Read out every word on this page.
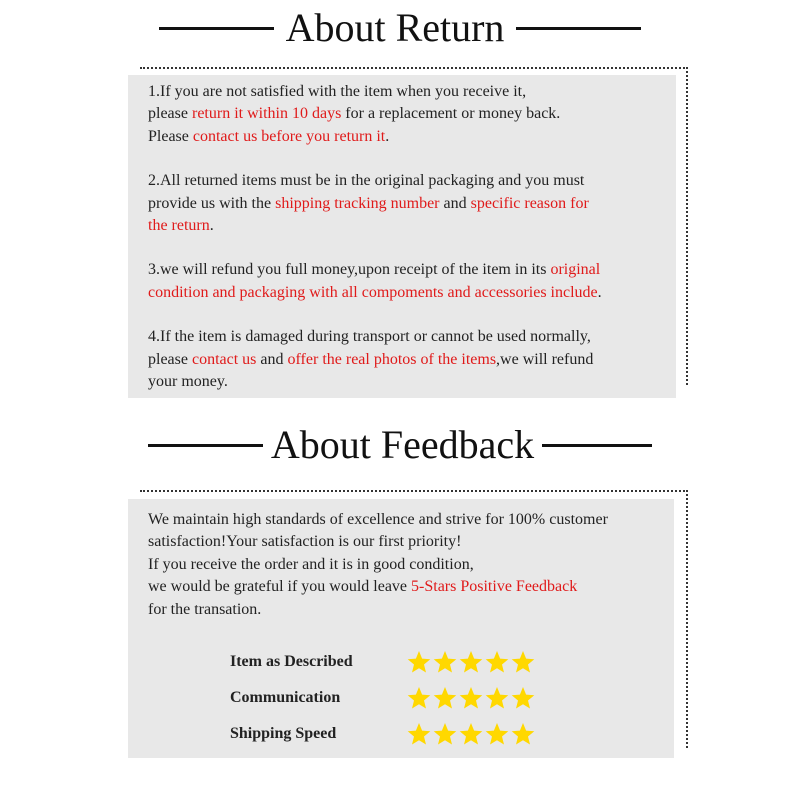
About Return
1.If you are not satisfied with the item when you receive it,
please return it within 10 days for a replacement or money back.
Please contact us before you return it.
2.All returned items must be in the original packaging and you must
provide us with the shipping tracking number and specific reason for
the return.
3.we will refund you full money,upon receipt of the item in its original
condition and packaging with all compoments and accessories include.
4.If the item is damaged during transport or cannot be used normally,
please contact us and offer the real photos of the items,we will refund
your money.
About Feedback
We maintain high standards of excellence and strive for 100% customer
satisfaction!Your satisfaction is our first priority!
If you receive the order and it is in good condition,
we would be grateful if you would leave 5-Stars Positive Feedback
for the transation.
Item as Described
Communication
Shipping Speed
